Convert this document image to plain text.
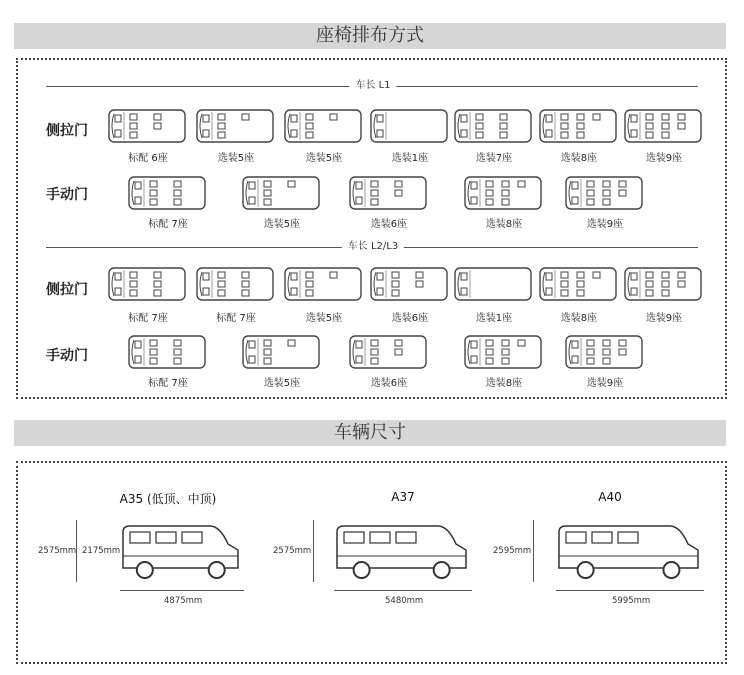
座椅排布方式
车长 L1
侧拉门
手动门
车长 L2/L3
侧拉门
手动门
标配 6座	选装5座	选装5座	选装1座	选装7座	选装8座	选装9座
标配 7座	选装5座	选装6座	选装8座	选装9座
标配 7座	标配 7座	选装5座	选装6座	选装1座	选装8座	选装9座
标配 7座	选装5座	选装6座	选装8座	选装9座
车辆尺寸
A35 (低顶、中顶)
2575mm 2175mm
4875mm
A37
2575mm
5480mm
A40
2595mm
5995mm
